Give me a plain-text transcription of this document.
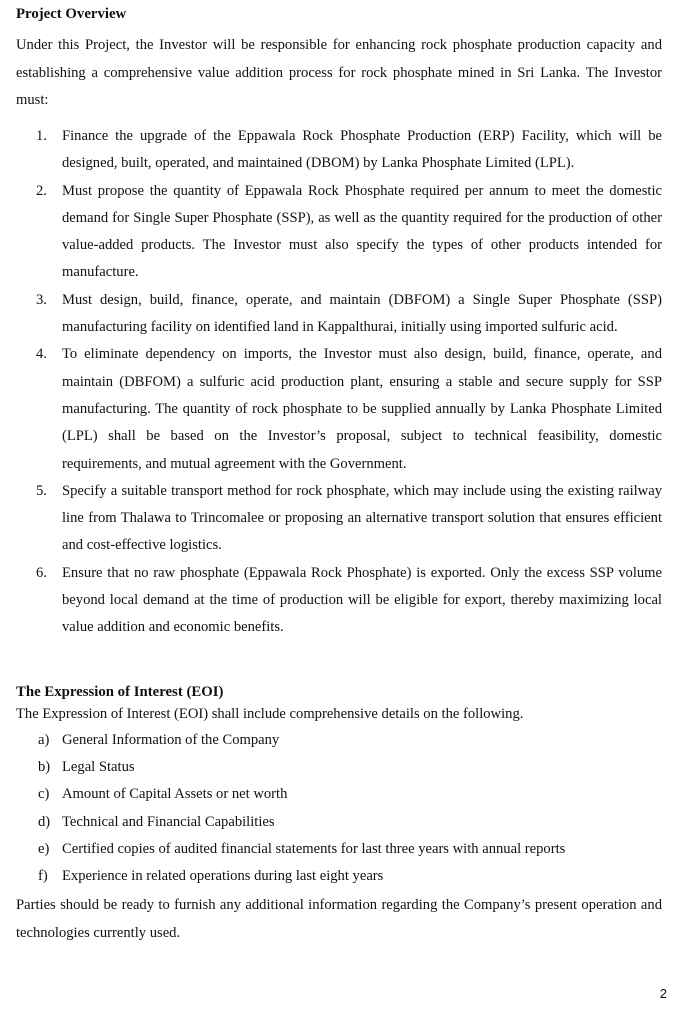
Project Overview
Under this Project, the Investor will be responsible for enhancing rock phosphate production capacity and establishing a comprehensive value addition process for rock phosphate mined in Sri Lanka. The Investor must:
1. Finance the upgrade of the Eppawala Rock Phosphate Production (ERP) Facility, which will be designed, built, operated, and maintained (DBOM) by Lanka Phosphate Limited (LPL).
2. Must propose the quantity of Eppawala Rock Phosphate required per annum to meet the domestic demand for Single Super Phosphate (SSP), as well as the quantity required for the production of other value-added products. The Investor must also specify the types of other products intended for manufacture.
3. Must design, build, finance, operate, and maintain (DBFOM) a Single Super Phosphate (SSP) manufacturing facility on identified land in Kappalthurai, initially using imported sulfuric acid.
4. To eliminate dependency on imports, the Investor must also design, build, finance, operate, and maintain (DBFOM) a sulfuric acid production plant, ensuring a stable and secure supply for SSP manufacturing. The quantity of rock phosphate to be supplied annually by Lanka Phosphate Limited (LPL) shall be based on the Investor’s proposal, subject to technical feasibility, domestic requirements, and mutual agreement with the Government.
5. Specify a suitable transport method for rock phosphate, which may include using the existing railway line from Thalawa to Trincomalee or proposing an alternative transport solution that ensures efficient and cost-effective logistics.
6. Ensure that no raw phosphate (Eppawala Rock Phosphate) is exported. Only the excess SSP volume beyond local demand at the time of production will be eligible for export, thereby maximizing local value addition and economic benefits.
The Expression of Interest (EOI)
The Expression of Interest (EOI) shall include comprehensive details on the following.
a) General Information of the Company
b) Legal Status
c) Amount of Capital Assets or net worth
d) Technical and Financial Capabilities
e) Certified copies of audited financial statements for last three years with annual reports
f) Experience in related operations during last eight years
Parties should be ready to furnish any additional information regarding the Company’s present operation and technologies currently used.
2
